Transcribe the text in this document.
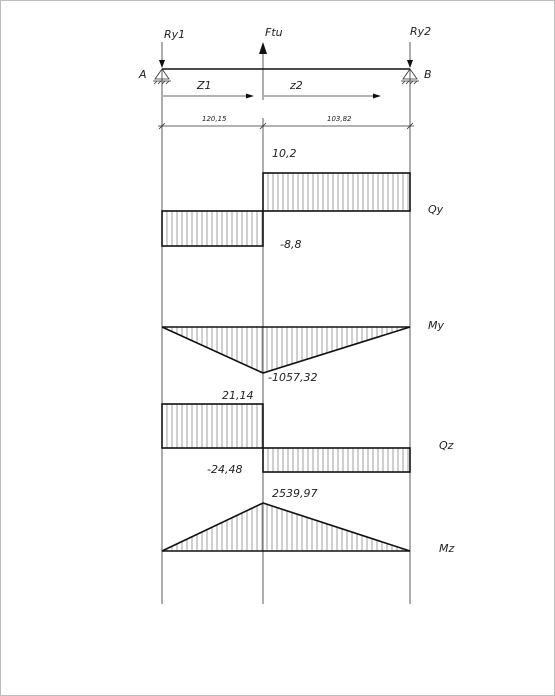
Ry1	Ry2
Ftu
A	B
Z1	z2
120,15	103,82
10,2
-8,8
Qy
-1057,32
My
21,14
-24,48
Qz
2539,97
Mz
